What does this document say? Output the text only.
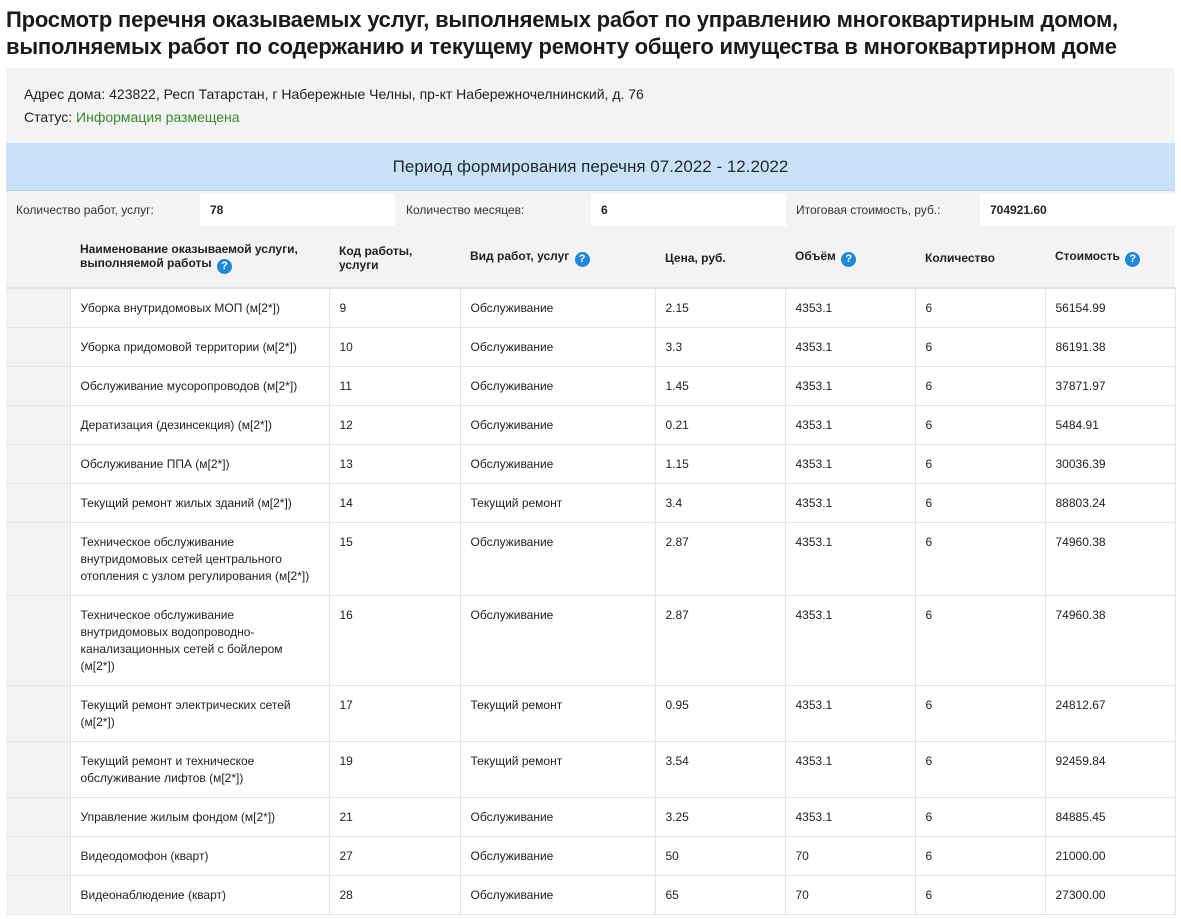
Просмотр перечня оказываемых услуг, выполняемых работ по управлению многоквартирным домом, выполняемых работ по содержанию и текущему ремонту общего имущества в многоквартирном доме
Адрес дома: 423822, Респ Татарстан, г Набережные Челны, пр-кт Набережночелнинский, д. 76
Статус: Информация размещена
Период формирования перечня 07.2022 - 12.2022
Количество работ, услуг:	78	Количество месяцев:	6	Итоговая стоимость, руб.:	704921.60
	Наименование оказываемой услуги, выполняемой работы ?	Код работы, услуги	Вид работ, услуг ?	Цена, руб.	Объём ?	Количество	Стоимость ?
	Уборка внутридомовых МОП (м[2*])	9	Обслуживание	2.15	4353.1	6	56154.99
	Уборка придомовой территории (м[2*])	10	Обслуживание	3.3	4353.1	6	86191.38
	Обслуживание мусоропроводов (м[2*])	11	Обслуживание	1.45	4353.1	6	37871.97
	Дератизация (дезинсекция) (м[2*])	12	Обслуживание	0.21	4353.1	6	5484.91
	Обслуживание ППА (м[2*])	13	Обслуживание	1.15	4353.1	6	30036.39
	Текущий ремонт жилых зданий (м[2*])	14	Текущий ремонт	3.4	4353.1	6	88803.24
	Техническое обслуживание внутридомовых сетей центрального отопления с узлом регулирования (м[2*])	15	Обслуживание	2.87	4353.1	6	74960.38
	Техническое обслуживание внутридомовых водопроводно-канализационных сетей с бойлером (м[2*])	16	Обслуживание	2.87	4353.1	6	74960.38
	Текущий ремонт электрических сетей (м[2*])	17	Текущий ремонт	0.95	4353.1	6	24812.67
	Текущий ремонт и техническое обслуживание лифтов (м[2*])	19	Текущий ремонт	3.54	4353.1	6	92459.84
	Управление жилым фондом (м[2*])	21	Обслуживание	3.25	4353.1	6	84885.45
	Видеодомофон (кварт)	27	Обслуживание	50	70	6	21000.00
	Видеонаблюдение (кварт)	28	Обслуживание	65	70	6	27300.00
